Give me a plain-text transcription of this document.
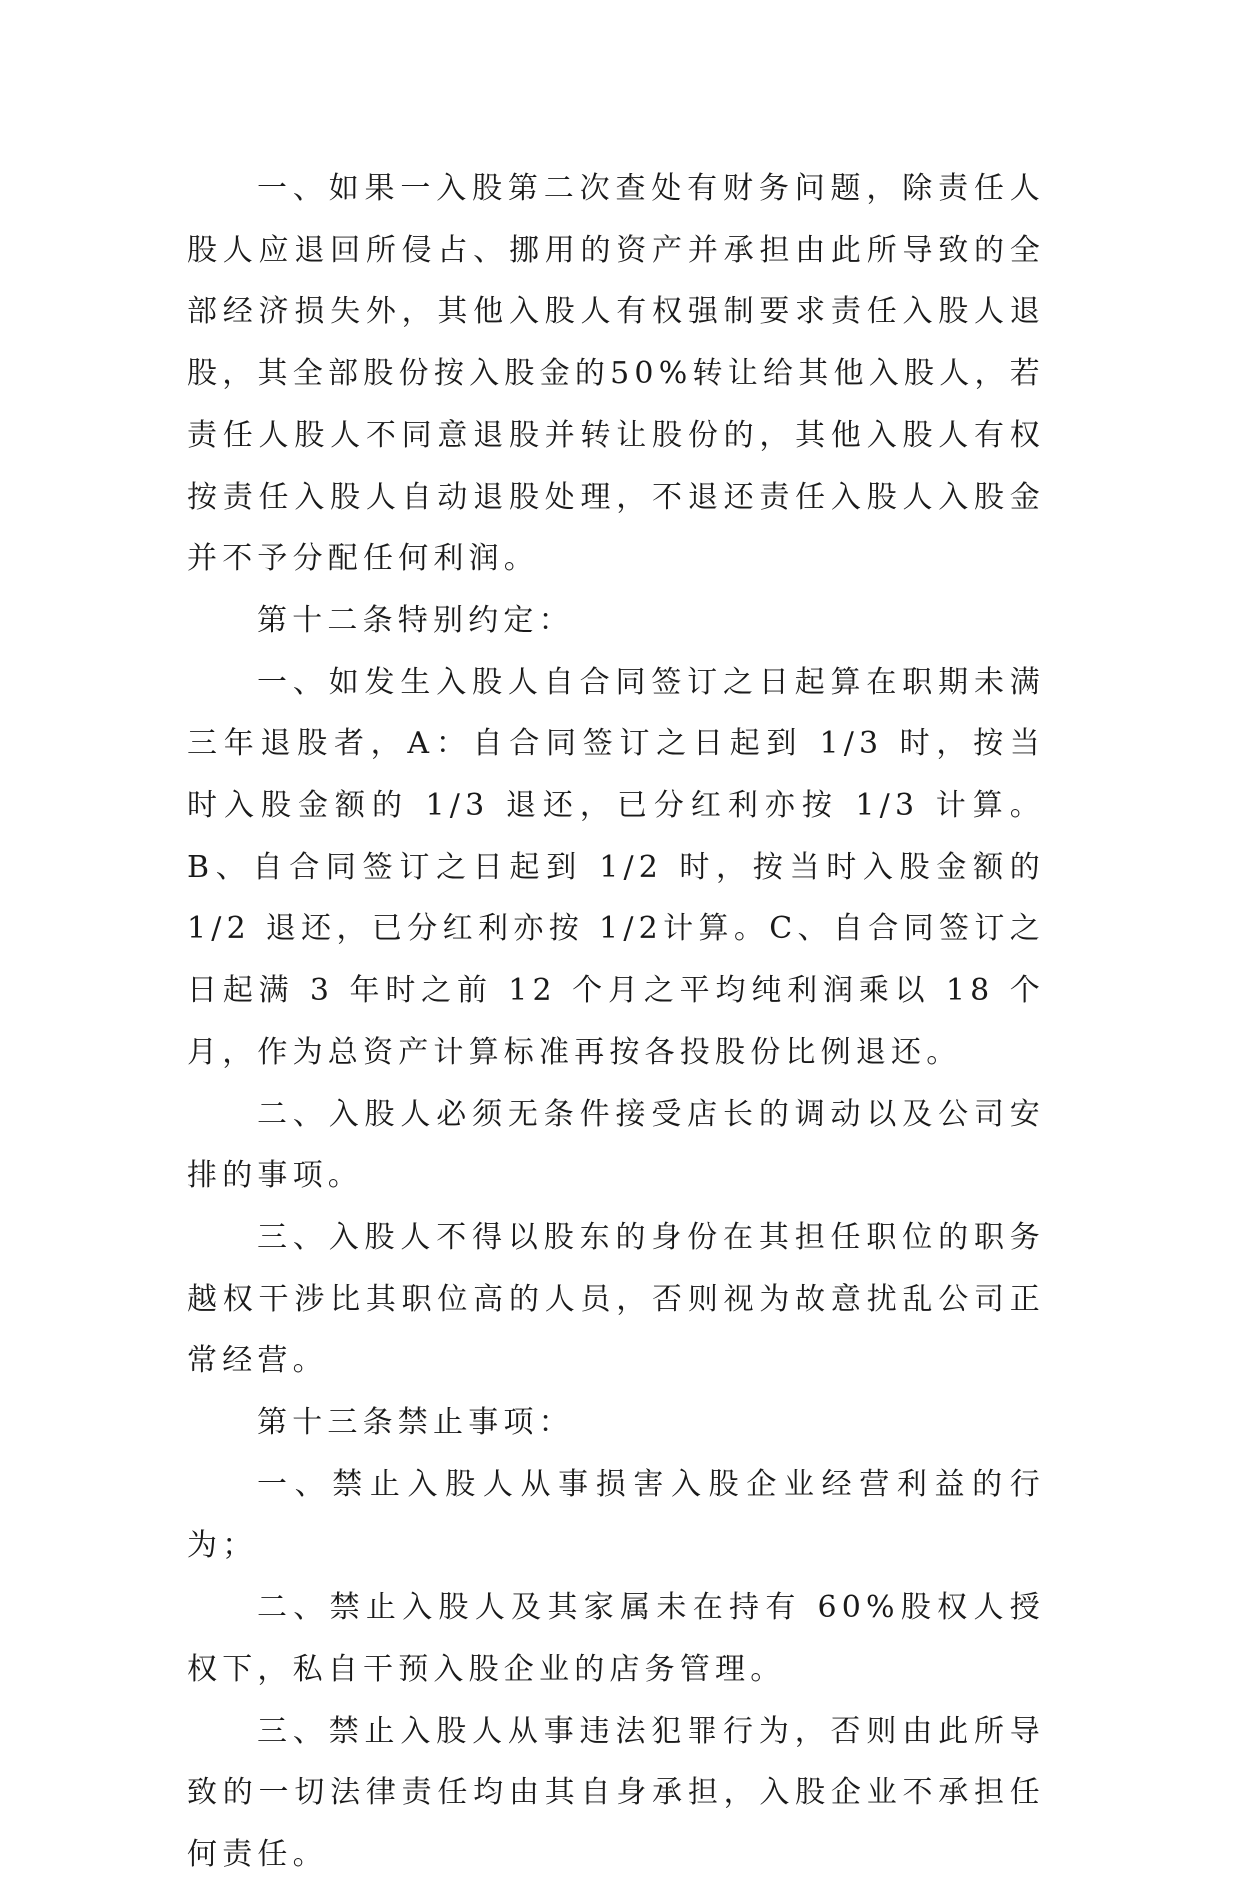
一、如果一入股第二次查处有财务问题，除责任人股人应退回所侵占、挪用的资产并承担由此所导致的全部经济损失外，其他入股人有权强制要求责任入股人退股，其全部股份按入股金的50%转让给其他入股人，若责任人股人不同意退股并转让股份的，其他入股人有权按责任入股人自动退股处理，不退还责任入股人入股金并不予分配任何利润。

第十二条特别约定：

一、如发生入股人自合同签订之日起算在职期未满三年退股者，A：自合同签订之日起到 1/3 时，按当时入股金额的 1/3 退还，已分红利亦按 1/3 计算。B、自合同签订之日起到 1/2 时，按当时入股金额的 1/2 退还，已分红利亦按 1/2计算。C、自合同签订之日起满 3 年时之前 12 个月之平均纯利润乘以 18 个月，作为总资产计算标准再按各投股份比例退还。

二、入股人必须无条件接受店长的调动以及公司安排的事项。

三、入股人不得以股东的身份在其担任职位的职务越权干涉比其职位高的人员，否则视为故意扰乱公司正常经营。

第十三条禁止事项：

一、禁止入股人从事损害入股企业经营利益的行为；

二、禁止入股人及其家属未在持有 60%股权人授权下，私自干预入股企业的店务管理。

三、禁止入股人从事违法犯罪行为，否则由此所导致的一切法律责任均由其自身承担，入股企业不承担任何责任。
